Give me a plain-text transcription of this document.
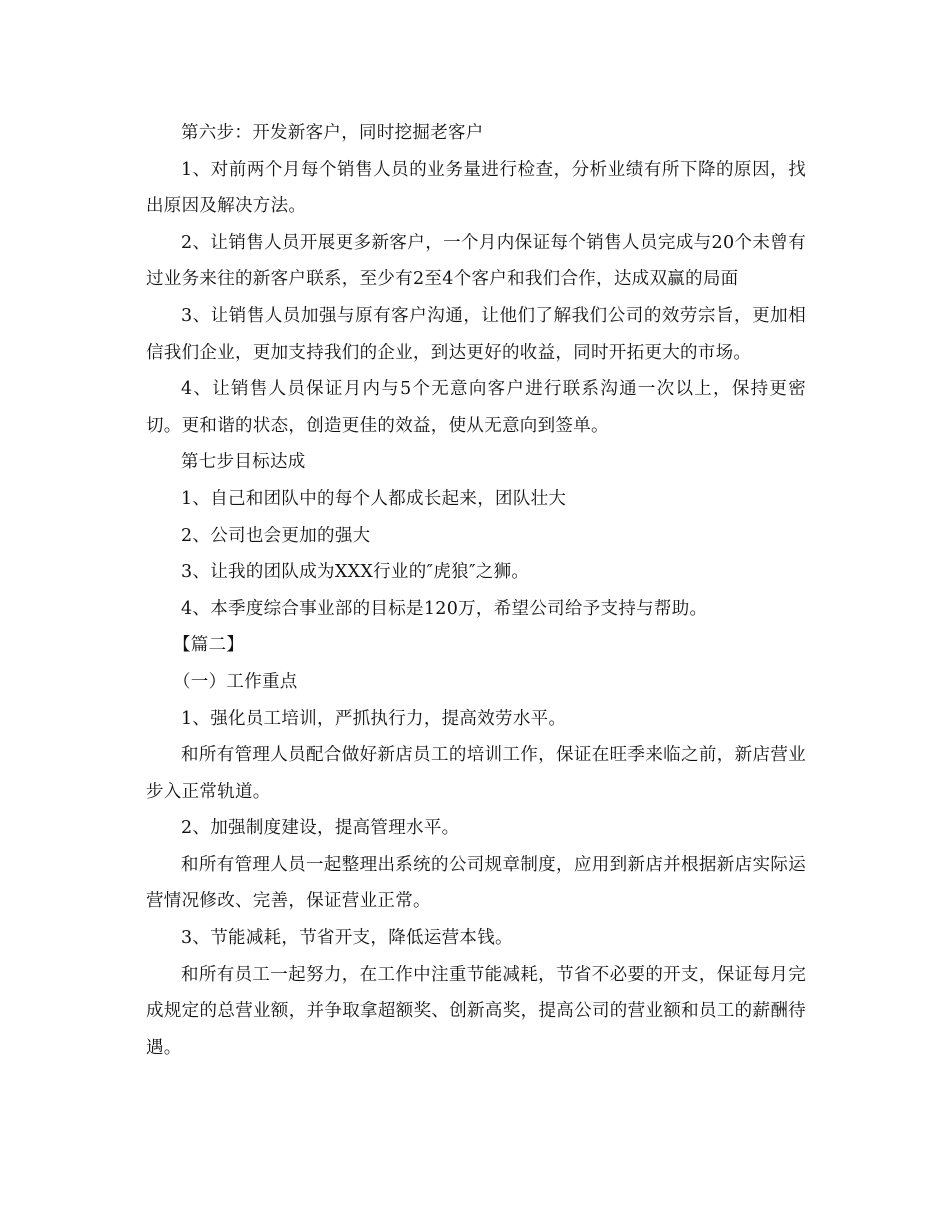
第六步：开发新客户，同时挖掘老客户

1、对前两个月每个销售人员的业务量进行检查，分析业绩有所下降的原因，找出原因及解决方法。

2、让销售人员开展更多新客户，一个月内保证每个销售人员完成与20个未曾有过业务来往的新客户联系，至少有2至4个客户和我们合作，达成双赢的局面

3、让销售人员加强与原有客户沟通，让他们了解我们公司的效劳宗旨，更加相信我们企业，更加支持我们的企业，到达更好的收益，同时开拓更大的市场。

4、让销售人员保证月内与5个无意向客户进行联系沟通一次以上，保持更密切。更和谐的状态，创造更佳的效益，使从无意向到签单。

第七步目标达成

1、自己和团队中的每个人都成长起来，团队壮大

2、公司也会更加的强大

3、让我的团队成为XXX行业的″虎狼″之狮。

4、本季度综合事业部的目标是120万，希望公司给予支持与帮助。

【篇二】

（一）工作重点

1、强化员工培训，严抓执行力，提高效劳水平。

和所有管理人员配合做好新店员工的培训工作，保证在旺季来临之前，新店营业步入正常轨道。

2、加强制度建设，提高管理水平。

和所有管理人员一起整理出系统的公司规章制度，应用到新店并根据新店实际运营情况修改、完善，保证营业正常。

3、节能减耗，节省开支，降低运营本钱。

和所有员工一起努力，在工作中注重节能减耗，节省不必要的开支，保证每月完成规定的总营业额，并争取拿超额奖、创新高奖，提高公司的营业额和员工的薪酬待遇。
